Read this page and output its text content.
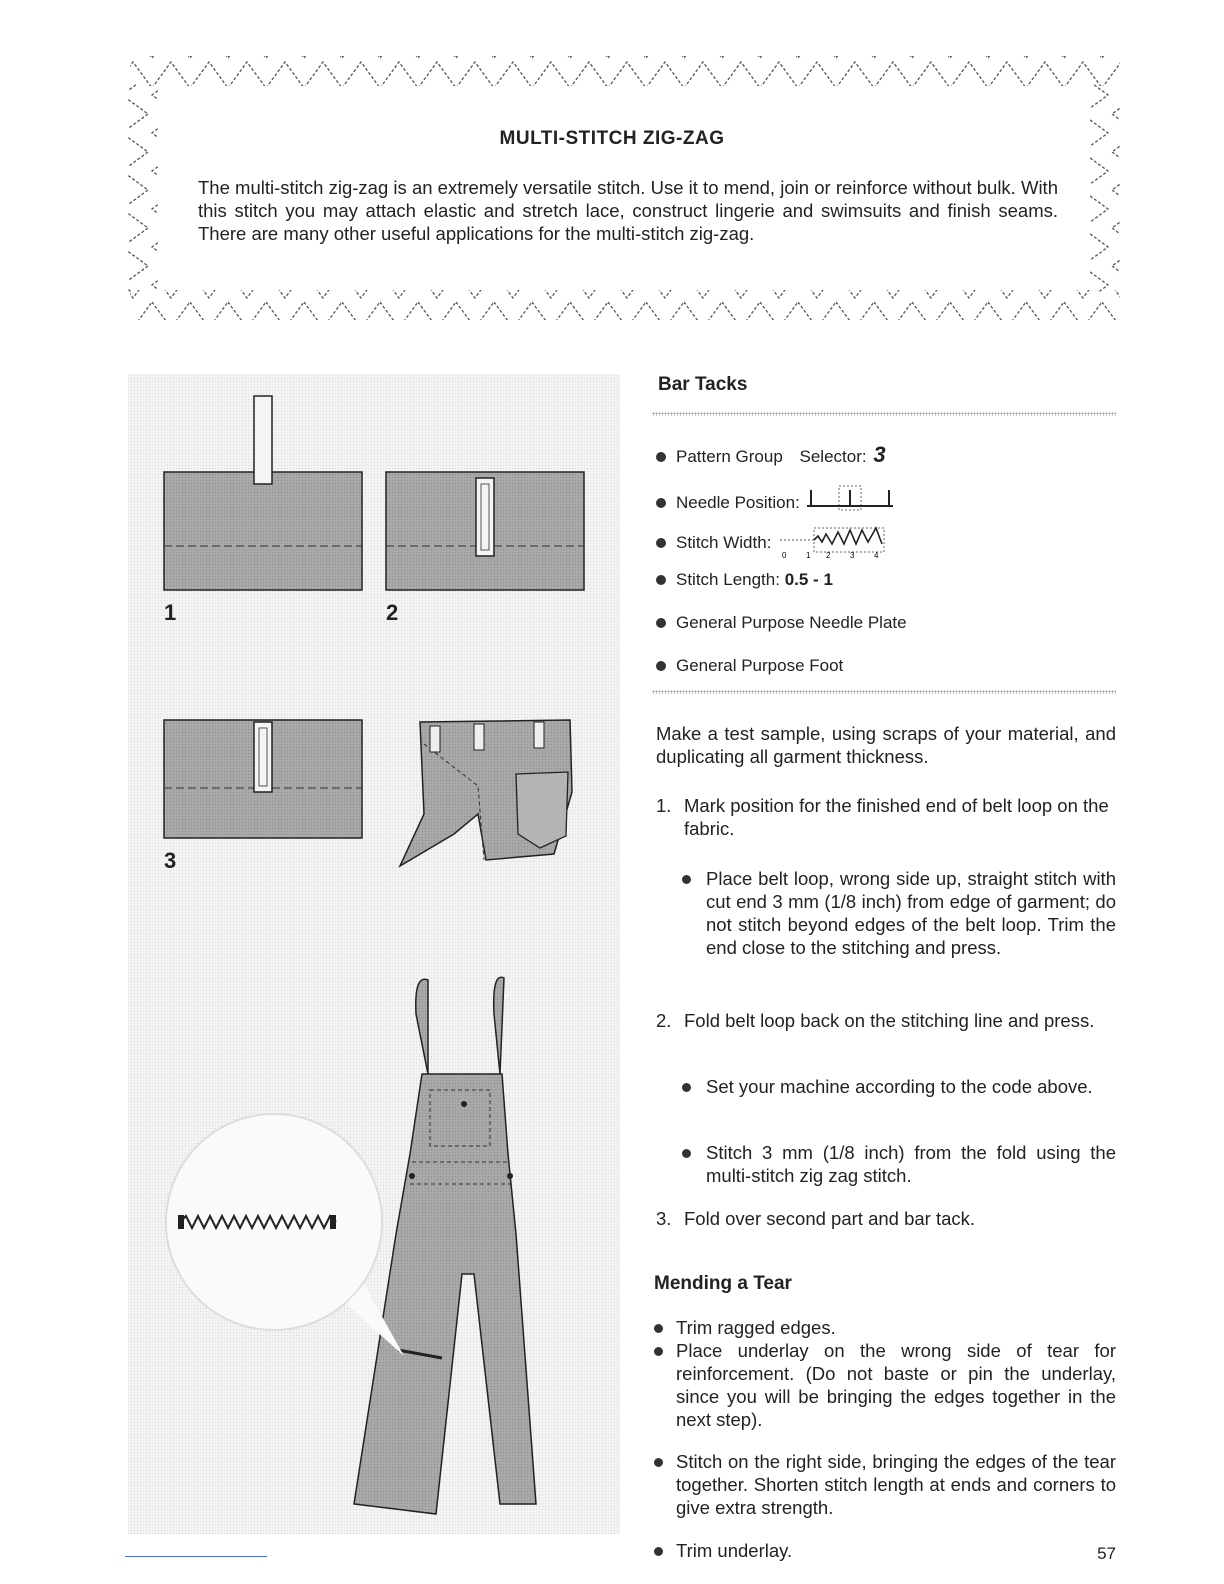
MULTI-STITCH ZIG-ZAG
The multi-stitch zig-zag is an extremely versatile stitch. Use it to mend, join or reinforce without bulk. With this stitch you may attach elastic and stretch lace, construct lingerie and swimsuits and finish seams. There are many other useful applications for the multi-stitch zig-zag.
1	2
3
Bar Tacks
Pattern Group Selector: 3
Needle Position:
Stitch Width:
0 1 2 3 4
Stitch Length: 0.5 - 1
General Purpose Needle Plate
General Purpose Foot
Make a test sample, using scraps of your material, and duplicating all garment thickness.
1. Mark position for the finished end of belt loop on the fabric.
Place belt loop, wrong side up, straight stitch with cut end 3 mm (1/8 inch) from edge of garment; do not stitch beyond edges of the belt loop. Trim the end close to the stitching and press.
2. Fold belt loop back on the stitching line and press.
Set your machine according to the code above.
Stitch 3 mm (1/8 inch) from the fold using the multi-stitch zig zag stitch.
3. Fold over second part and bar tack.
Mending a Tear
Trim ragged edges.
Place underlay on the wrong side of tear for reinforcement. (Do not baste or pin the underlay, since you will be bringing the edges together in the next step).
Stitch on the right side, bringing the edges of the tear together. Shorten stitch length at ends and corners to give extra strength.
Trim underlay.	57
